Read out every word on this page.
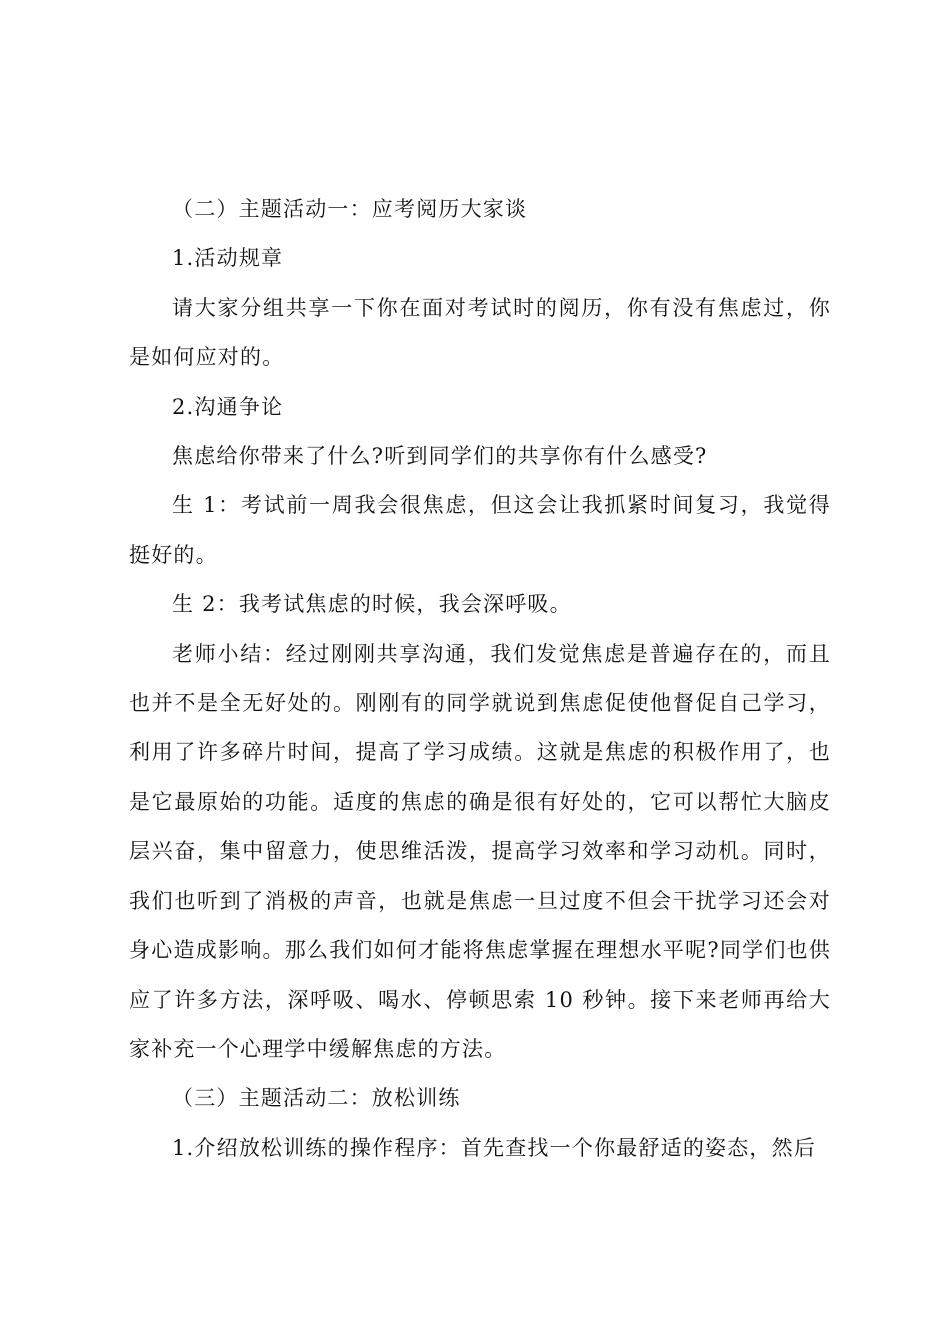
（二）主题活动一：应考阅历大家谈

1.活动规章

请大家分组共享一下你在面对考试时的阅历，你有没有焦虑过，你是如何应对的。

2.沟通争论

焦虑给你带来了什么?听到同学们的共享你有什么感受?

生 1：考试前一周我会很焦虑，但这会让我抓紧时间复习，我觉得挺好的。

生 2：我考试焦虑的时候，我会深呼吸。

老师小结：经过刚刚共享沟通，我们发觉焦虑是普遍存在的，而且也并不是全无好处的。刚刚有的同学就说到焦虑促使他督促自己学习，利用了许多碎片时间，提高了学习成绩。这就是焦虑的积极作用了，也是它最原始的功能。适度的焦虑的确是很有好处的，它可以帮忙大脑皮层兴奋，集中留意力，使思维活泼，提高学习效率和学习动机。同时，我们也听到了消极的声音，也就是焦虑一旦过度不但会干扰学习还会对身心造成影响。那么我们如何才能将焦虑掌握在理想水平呢?同学们也供应了许多方法，深呼吸、喝水、停顿思索 10 秒钟。接下来老师再给大家补充一个心理学中缓解焦虑的方法。

（三）主题活动二：放松训练

1.介绍放松训练的操作程序：首先查找一个你最舒适的姿态，然后
